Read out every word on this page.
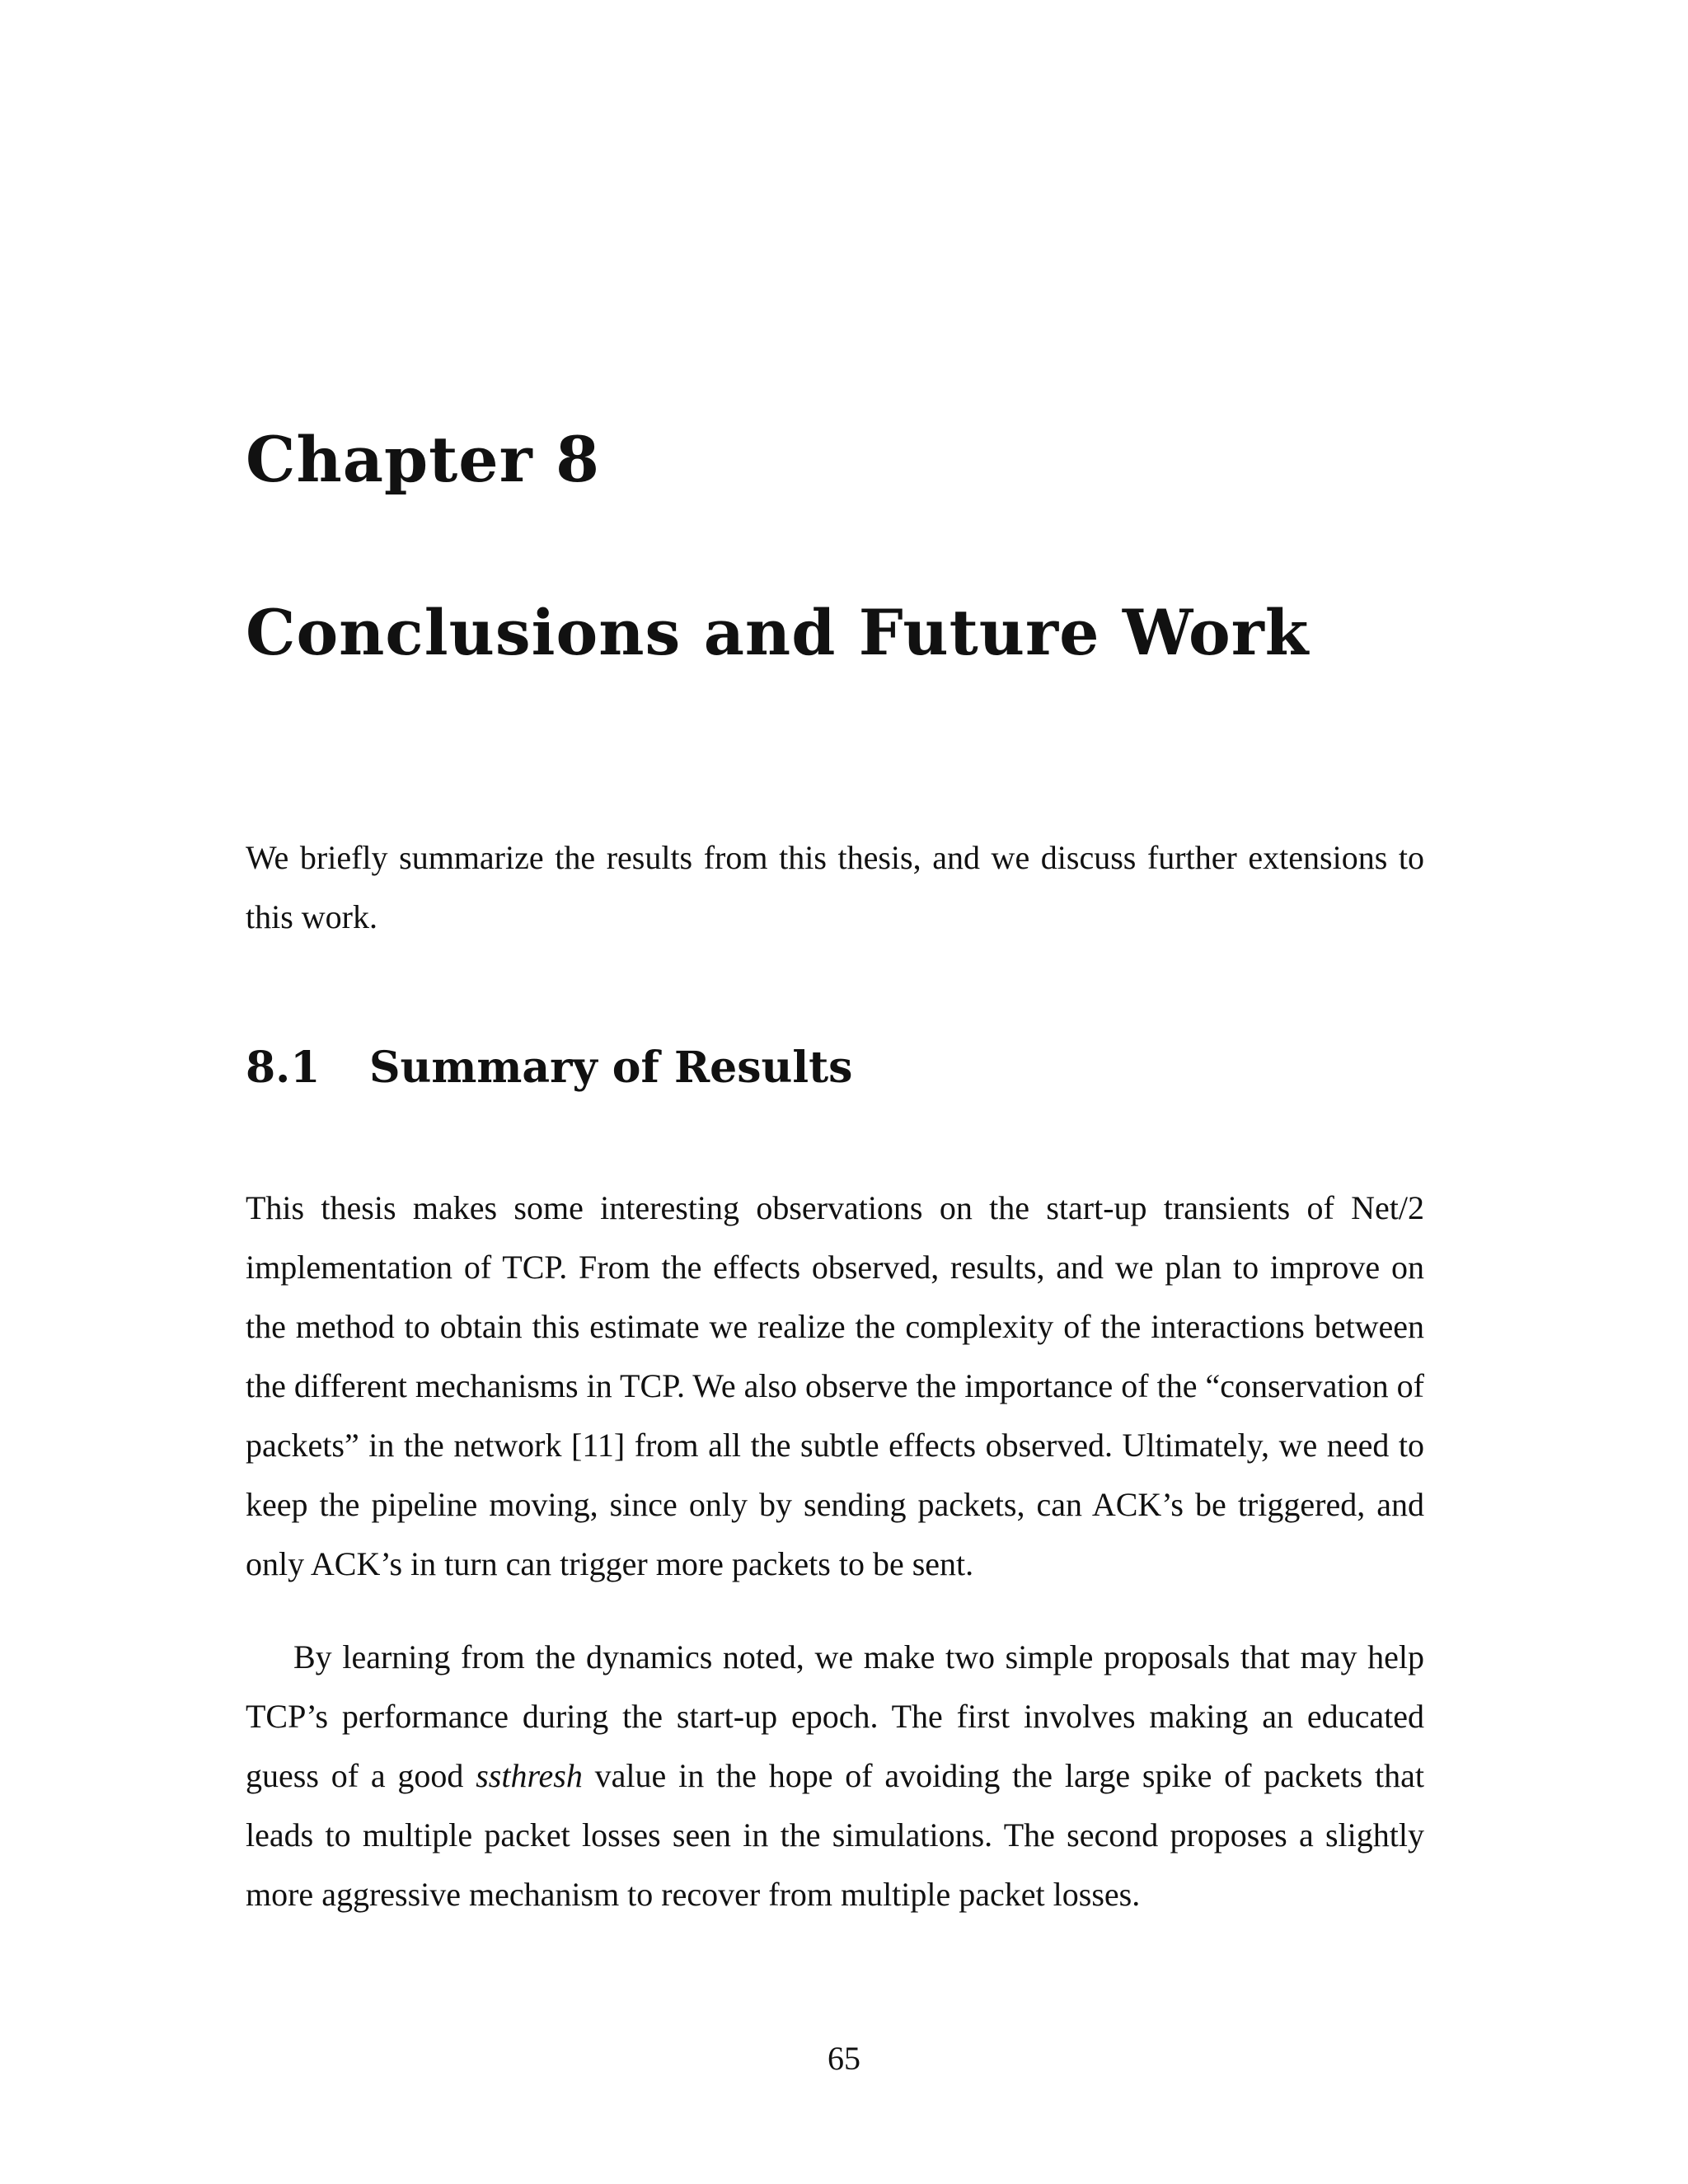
Chapter 8
Conclusions and Future Work

We briefly summarize the results from this thesis, and we discuss further extensions to this work.

8.1 Summary of Results

This thesis makes some interesting observations on the start-up transients of Net/2 implementation of TCP. From the effects observed, results, and we plan to improve on the method to obtain this estimate we realize the complexity of the interactions between the different mechanisms in TCP. We also observe the importance of the “conservation of packets” in the network [11] from all the subtle effects observed. Ultimately, we need to keep the pipeline moving, since only by sending packets, can ACK’s be triggered, and only ACK’s in turn can trigger more packets to be sent.

By learning from the dynamics noted, we make two simple proposals that may help TCP’s performance during the start-up epoch. The first involves making an educated guess of a good ssthresh value in the hope of avoiding the large spike of packets that leads to multiple packet losses seen in the simulations. The second proposes a slightly more aggressive mechanism to recover from multiple packet losses.

65
